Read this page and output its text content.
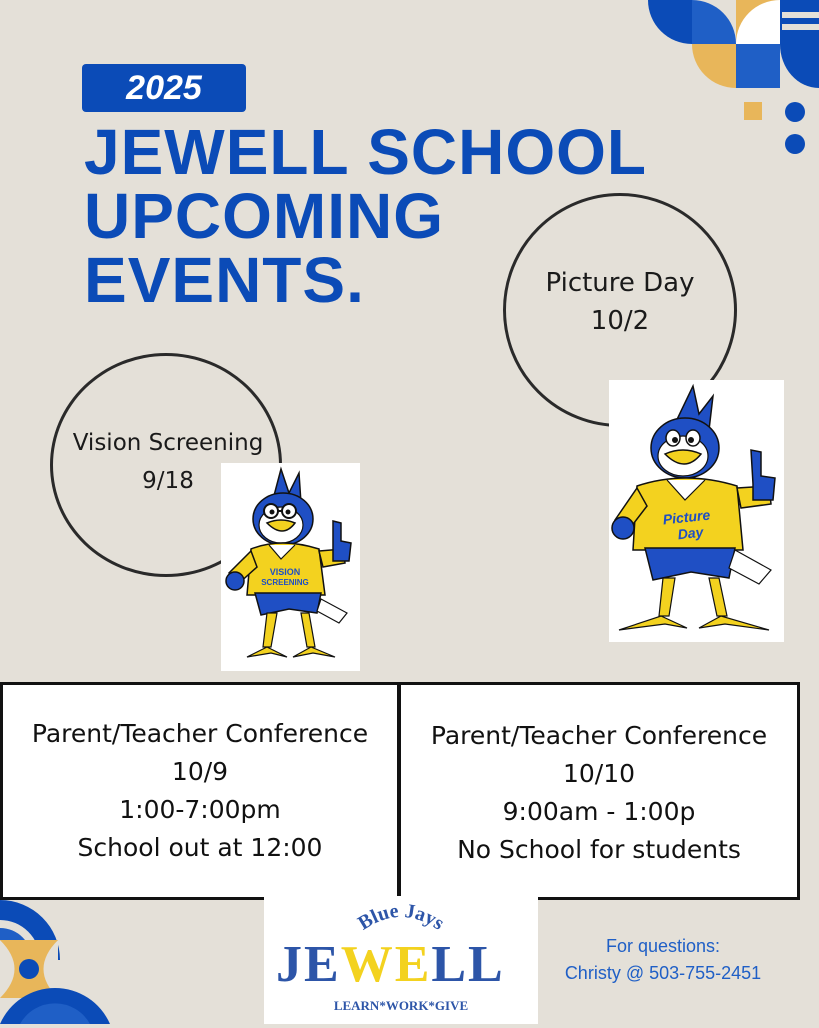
2025
JEWELL SCHOOL
UPCOMING
EVENTS.	Picture Day
10/2
Vision Screening
9/18
VISION
SCREENING
Picture
Day
Parent/Teacher Conference
10/9
1:00-7:00pm
School out at 12:00
Parent/Teacher Conference
10/10
9:00am - 1:00p
No School for students
Blue Jays
JEWELL
LEARN*WORK*GIVE
For questions:
Christy @ 503-755-2451
